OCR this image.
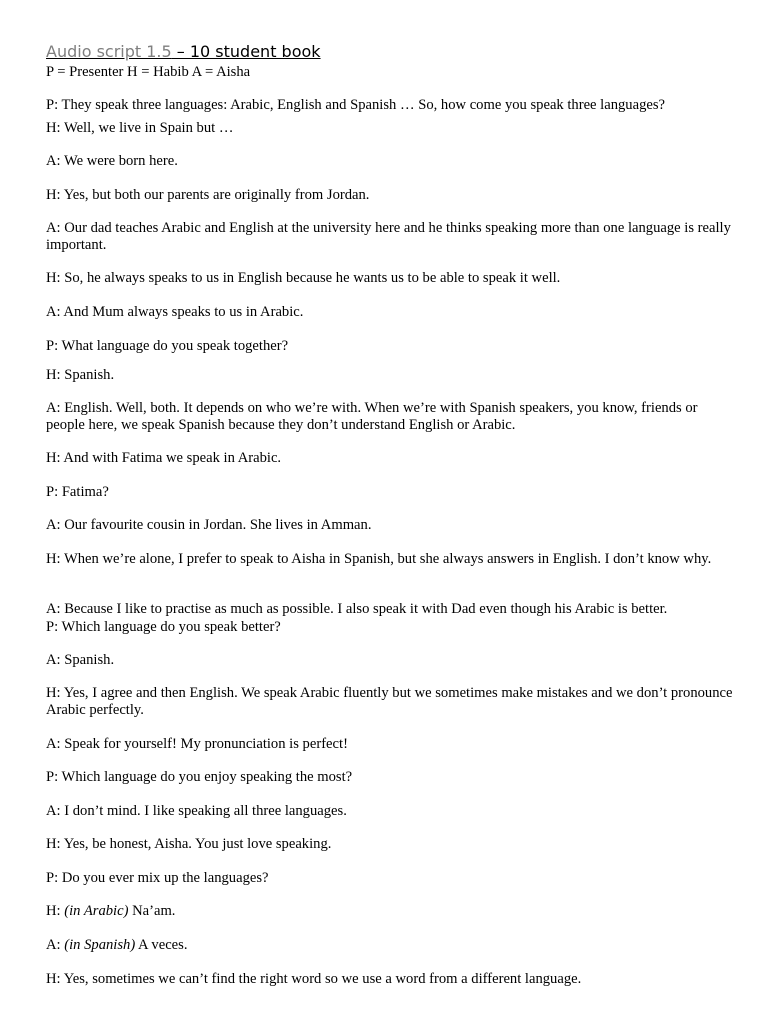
Audio script 1.5 – 10 student book

P = Presenter H = Habib A = Aisha

P: They speak three languages: Arabic, English and Spanish … So, how come you speak three languages?

H: Well, we live in Spain but …

A: We were born here.

H: Yes, but both our parents are originally from Jordan.

A: Our dad teaches Arabic and English at the university here and he thinks speaking more than one language is really important.

H: So, he always speaks to us in English because he wants us to be able to speak it well.

A: And Mum always speaks to us in Arabic.

P: What language do you speak together?

H: Spanish.

A: English. Well, both. It depends on who we’re with. When we’re with Spanish speakers, you know, friends or people here, we speak Spanish because they don’t understand English or Arabic.

H: And with Fatima we speak in Arabic.

P: Fatima?

A: Our favourite cousin in Jordan. She lives in Amman.

H: When we’re alone, I prefer to speak to Aisha in Spanish, but she always answers in English. I don’t know why.

A: Because I like to practise as much as possible. I also speak it with Dad even though his Arabic is better.

P: Which language do you speak better?

A: Spanish.

H: Yes, I agree and then English. We speak Arabic fluently but we sometimes make mistakes and we don’t pronounce Arabic perfectly.

A: Speak for yourself! My pronunciation is perfect!

P: Which language do you enjoy speaking the most?

A: I don’t mind. I like speaking all three languages.

H: Yes, be honest, Aisha. You just love speaking.

P: Do you ever mix up the languages?

H: (in Arabic) Na’am.

A: (in Spanish) A veces.

H: Yes, sometimes we can’t find the right word so we use a word from a different language.
